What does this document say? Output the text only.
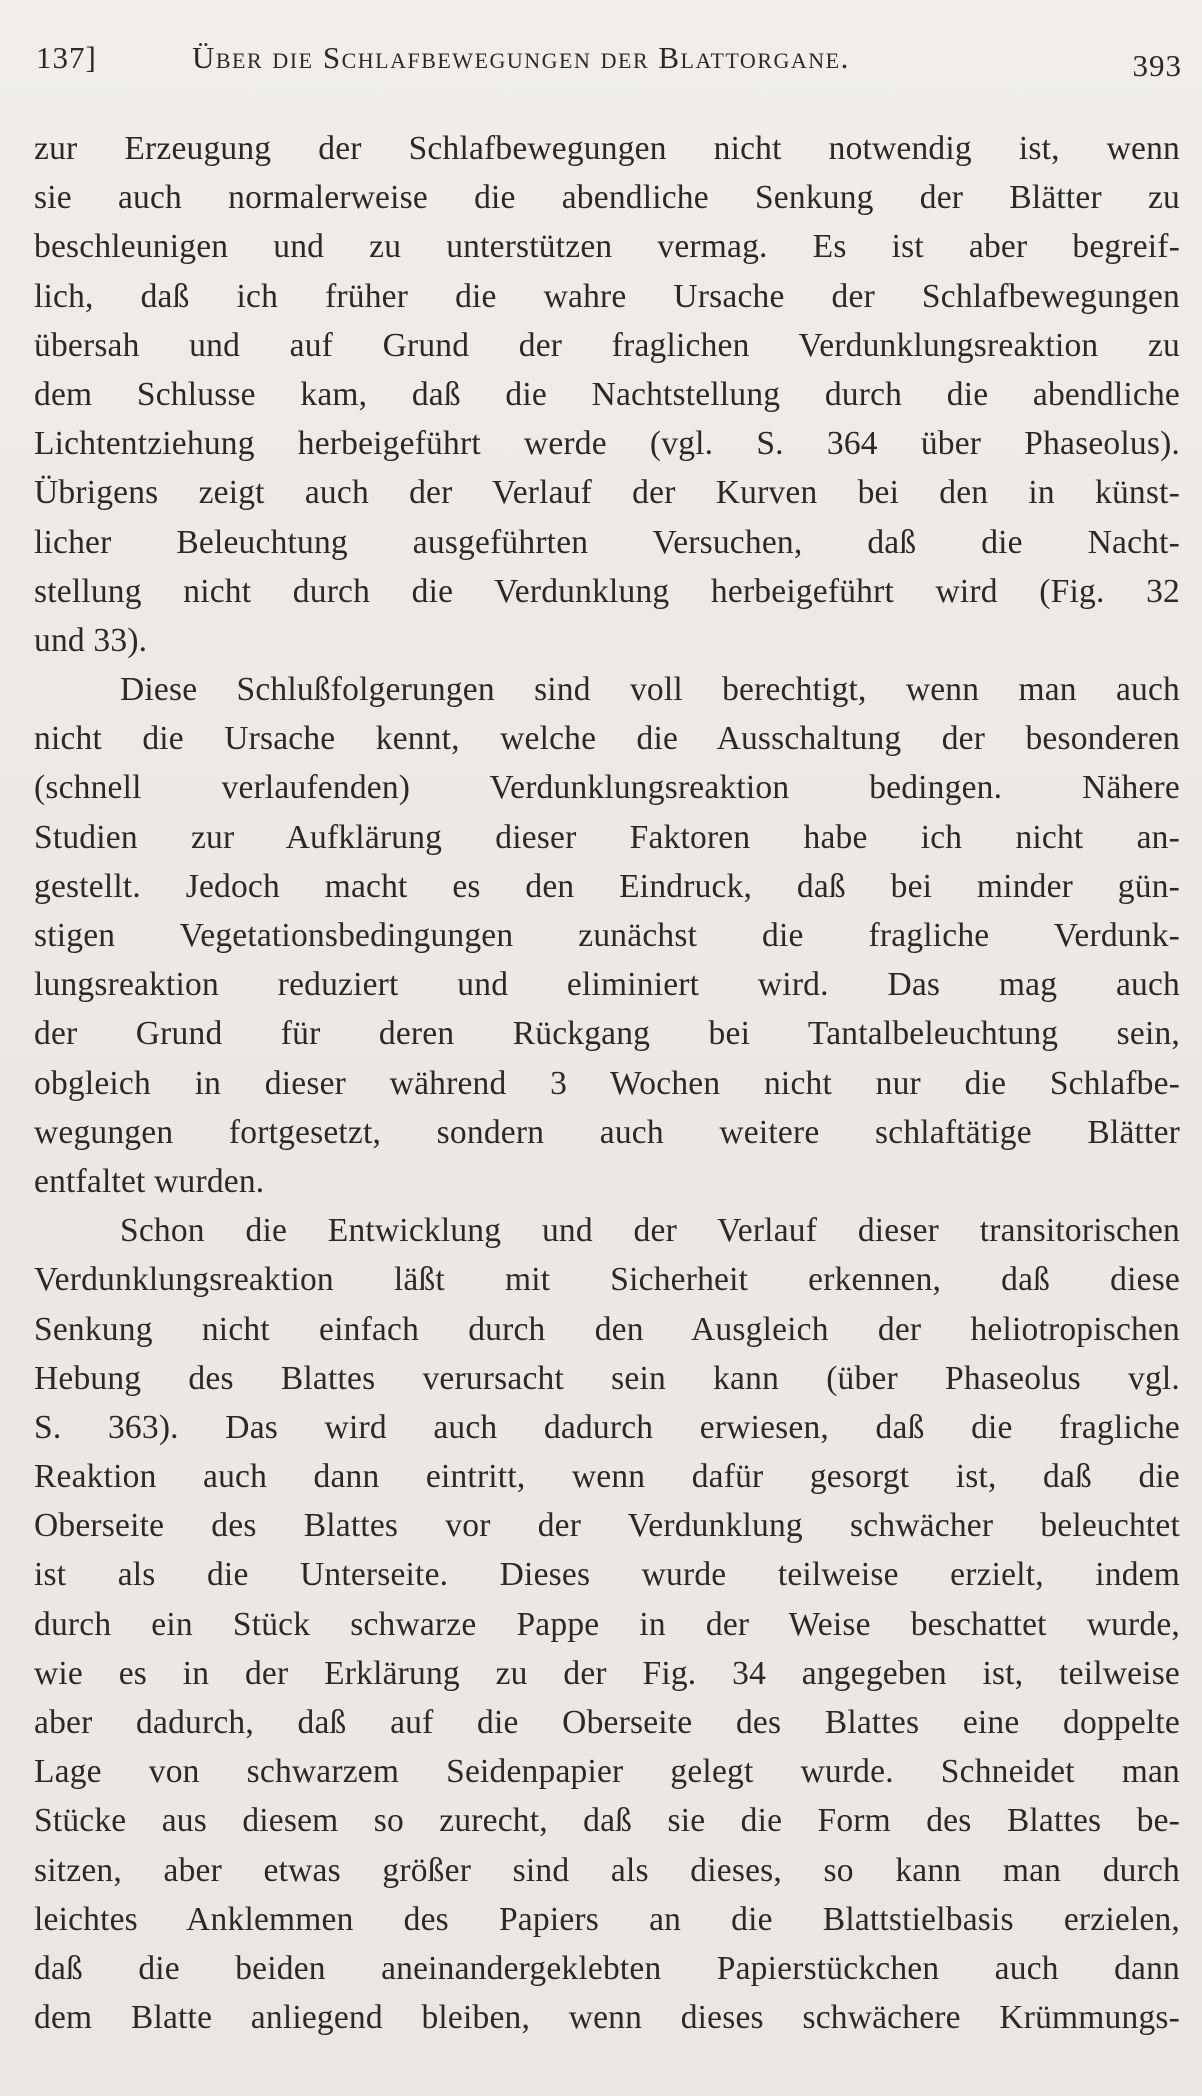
137]	Über die Schlafbewegungen der Blattorgane.	393
zur Erzeugung der Schlafbewegungen nicht notwendig ist, wenn
sie auch normalerweise die abendliche Senkung der Blätter zu
beschleunigen und zu unterstützen vermag. Es ist aber begreif-
lich, daß ich früher die wahre Ursache der Schlafbewegungen
übersah und auf Grund der fraglichen Verdunklungsreaktion zu
dem Schlusse kam, daß die Nachtstellung durch die abendliche
Lichtentziehung herbeigeführt werde (vgl. S. 364 über Phaseolus).
Übrigens zeigt auch der Verlauf der Kurven bei den in künst-
licher Beleuchtung ausgeführten Versuchen, daß die Nacht-
stellung nicht durch die Verdunklung herbeigeführt wird (Fig. 32
und 33).
Diese Schlußfolgerungen sind voll berechtigt, wenn man auch
nicht die Ursache kennt, welche die Ausschaltung der besonderen
(schnell verlaufenden) Verdunklungsreaktion bedingen. Nähere
Studien zur Aufklärung dieser Faktoren habe ich nicht an-
gestellt. Jedoch macht es den Eindruck, daß bei minder gün-
stigen Vegetationsbedingungen zunächst die fragliche Verdunk-
lungsreaktion reduziert und eliminiert wird. Das mag auch
der Grund für deren Rückgang bei Tantalbeleuchtung sein,
obgleich in dieser während 3 Wochen nicht nur die Schlafbe-
wegungen fortgesetzt, sondern auch weitere schlaftätige Blätter
entfaltet wurden.
Schon die Entwicklung und der Verlauf dieser transitorischen
Verdunklungsreaktion läßt mit Sicherheit erkennen, daß diese
Senkung nicht einfach durch den Ausgleich der heliotropischen
Hebung des Blattes verursacht sein kann (über Phaseolus vgl.
S. 363). Das wird auch dadurch erwiesen, daß die fragliche
Reaktion auch dann eintritt, wenn dafür gesorgt ist, daß die
Oberseite des Blattes vor der Verdunklung schwächer beleuchtet
ist als die Unterseite. Dieses wurde teilweise erzielt, indem
durch ein Stück schwarze Pappe in der Weise beschattet wurde,
wie es in der Erklärung zu der Fig. 34 angegeben ist, teilweise
aber dadurch, daß auf die Oberseite des Blattes eine doppelte
Lage von schwarzem Seidenpapier gelegt wurde. Schneidet man
Stücke aus diesem so zurecht, daß sie die Form des Blattes be-
sitzen, aber etwas größer sind als dieses, so kann man durch
leichtes Anklemmen des Papiers an die Blattstielbasis erzielen,
daß die beiden aneinandergeklebten Papierstückchen auch dann
dem Blatte anliegend bleiben, wenn dieses schwächere Krümmungs-
